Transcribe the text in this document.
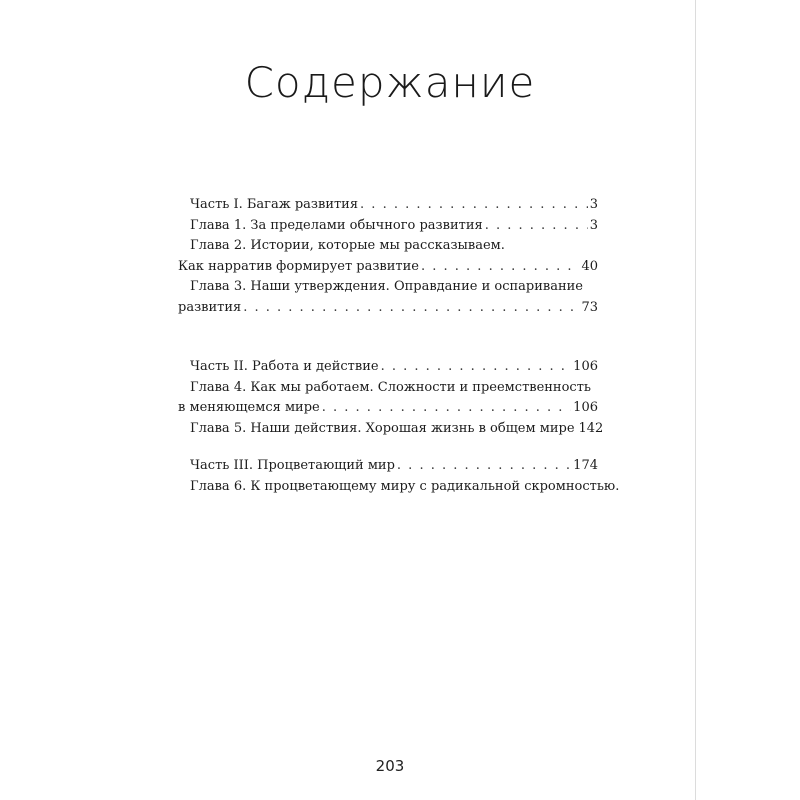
Содержание
Часть I. Багаж развития . . .	3
Глава 1. За пределами обычного развития . . .	3
Глава 2. Истории, которые мы рассказываем.
Как нарратив формирует развитие . . .	40
Глава 3. Наши утверждения. Оправдание и оспаривание
развития . . .	73
Часть II. Работа и действие . . .	106
Глава 4. Как мы работаем. Сложности и преемственность
в меняющемся мире . . .	106
Глава 5. Наши действия. Хорошая жизнь в общем мире 142
Часть III. Процветающий мир . . .	174
Глава 6. К процветающему миру с радикальной скромностью.
203
